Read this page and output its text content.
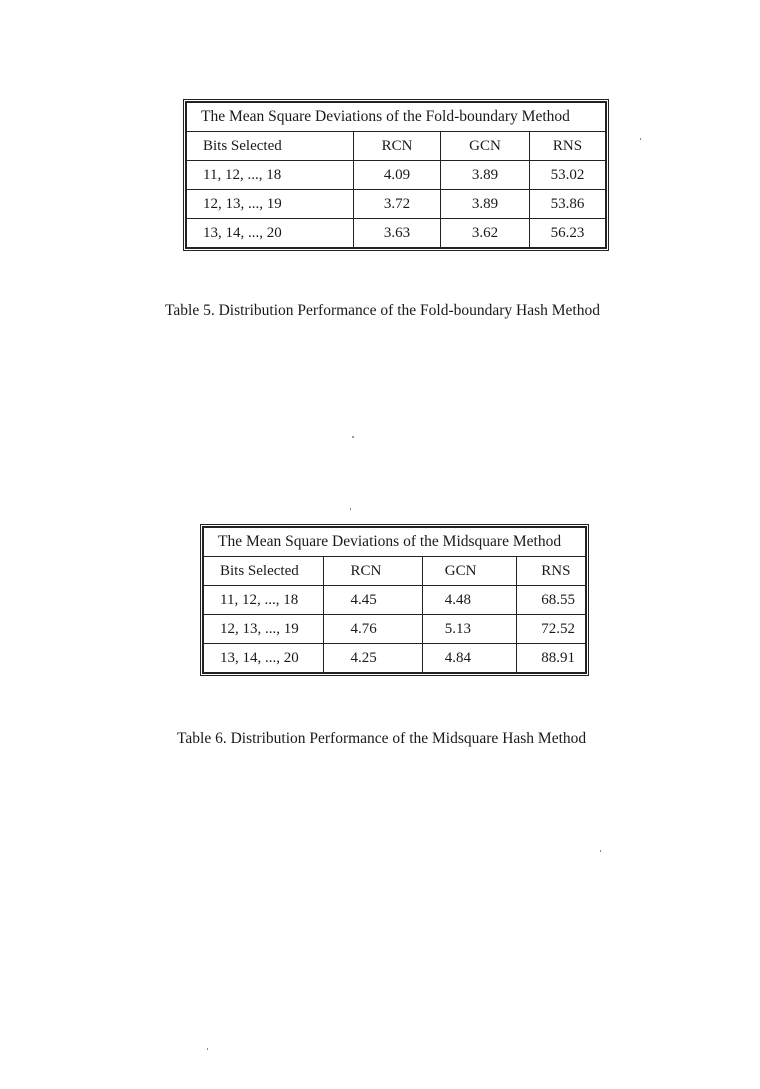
The Mean Square Deviations of the Fold-boundary Method			
Bits Selected	RCN	GCN	RNS
11, 12, ..., 18	4.09	3.89	53.02
12, 13, ..., 19	3.72	3.89	53.86
13, 14, ..., 20	3.63	3.62	56.23
Table 5. Distribution Performance of the Fold-boundary Hash Method
The Mean Square Deviations of the Midsquare Method			
Bits Selected	RCN	GCN	RNS
11, 12, ..., 18	4.45	4.48	68.55
12, 13, ..., 19	4.76	5.13	72.52
13, 14, ..., 20	4.25	4.84	88.91
Table 6. Distribution Performance of the Midsquare Hash Method
